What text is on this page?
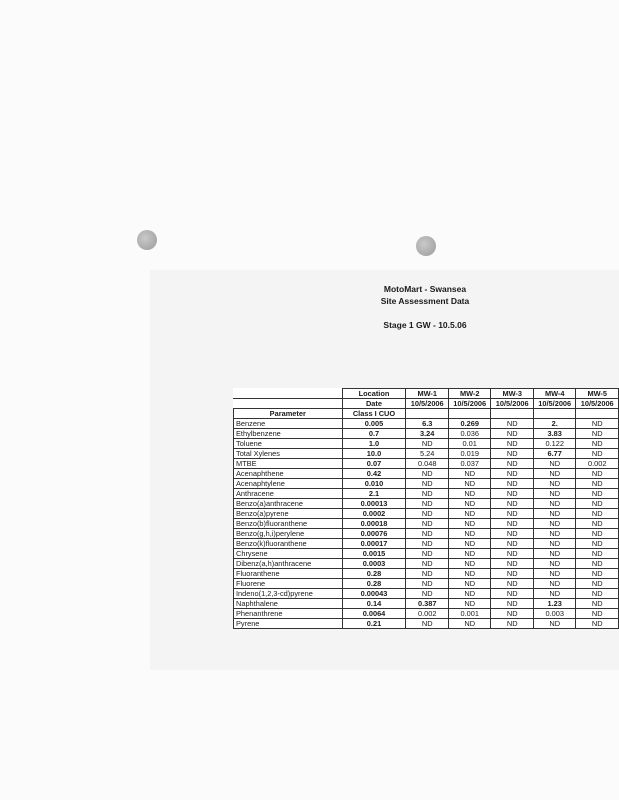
MotoMart - Swansea
Site Assessment Data
Stage 1 GW - 10.5.06
	Location	MW-1	MW-2	MW-3	MW-4	MW-5
	Date	10/5/2006	10/5/2006	10/5/2006	10/5/2006	10/5/2006
Parameter	Class I CUO					
Benzene	0.005	6.3	0.269	ND	2.	ND
Ethylbenzene	0.7	3.24	0.036	ND	3.83	ND
Toluene	1.0	ND	0.01	ND	0.122	ND
Total Xylenes	10.0	5.24	0.019	ND	6.77	ND
MTBE	0.07	0.048	0.037	ND	ND	0.002
Acenaphthene	0.42	ND	ND	ND	ND	ND
Acenaphtylene	0.010	ND	ND	ND	ND	ND
Anthracene	2.1	ND	ND	ND	ND	ND
Benzo(a)anthracene	0.00013	ND	ND	ND	ND	ND
Benzo(a)pyrene	0.0002	ND	ND	ND	ND	ND
Benzo(b)fluoranthene	0.00018	ND	ND	ND	ND	ND
Benzo(g,h,i)perylene	0.00076	ND	ND	ND	ND	ND
Benzo(k)fluoranthene	0.00017	ND	ND	ND	ND	ND
Chrysene	0.0015	ND	ND	ND	ND	ND
Dibenz(a,h)anthracene	0.0003	ND	ND	ND	ND	ND
Fluoranthene	0.28	ND	ND	ND	ND	ND
Fluorene	0.28	ND	ND	ND	ND	ND
Indeno(1,2,3-cd)pyrene	0.00043	ND	ND	ND	ND	ND
Naphthalene	0.14	0.387	ND	ND	1.23	ND
Phenanthrene	0.0064	0.002	0.001	ND	0.003	ND
Pyrene	0.21	ND	ND	ND	ND	ND
